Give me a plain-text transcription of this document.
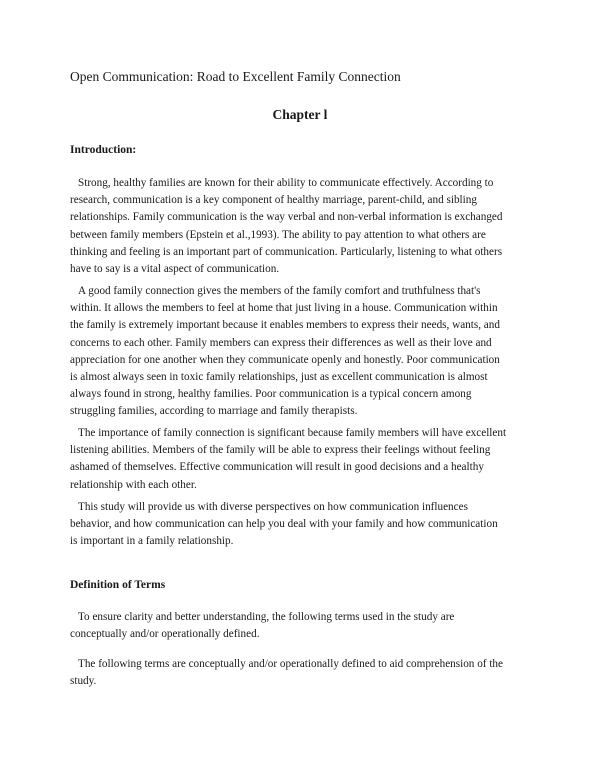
Open Communication: Road to Excellent Family Connection
Chapter l
Introduction:

Strong, healthy families are known for their ability to communicate effectively. According to
research, communication is a key component of healthy marriage, parent-child, and sibling
relationships. Family communication is the way verbal and non-verbal information is exchanged
between family members (Epstein et al.,1993). The ability to pay attention to what others are
thinking and feeling is an important part of communication. Particularly, listening to what others
have to say is a vital aspect of communication.

A good family connection gives the members of the family comfort and truthfulness that's
within. It allows the members to feel at home that just living in a house. Communication within
the family is extremely important because it enables members to express their needs, wants, and
concerns to each other. Family members can express their differences as well as their love and
appreciation for one another when they communicate openly and honestly. Poor communication
is almost always seen in toxic family relationships, just as excellent communication is almost
always found in strong, healthy families. Poor communication is a typical concern among
struggling families, according to marriage and family therapists.

The importance of family connection is significant because family members will have excellent
listening abilities. Members of the family will be able to express their feelings without feeling
ashamed of themselves. Effective communication will result in good decisions and a healthy
relationship with each other.

This study will provide us with diverse perspectives on how communication influences
behavior, and how communication can help you deal with your family and how communication
is important in a family relationship.

Definition of Terms

To ensure clarity and better understanding, the following terms used in the study are
conceptually and/or operationally defined.

The following terms are conceptually and/or operationally defined to aid comprehension of the
study.
